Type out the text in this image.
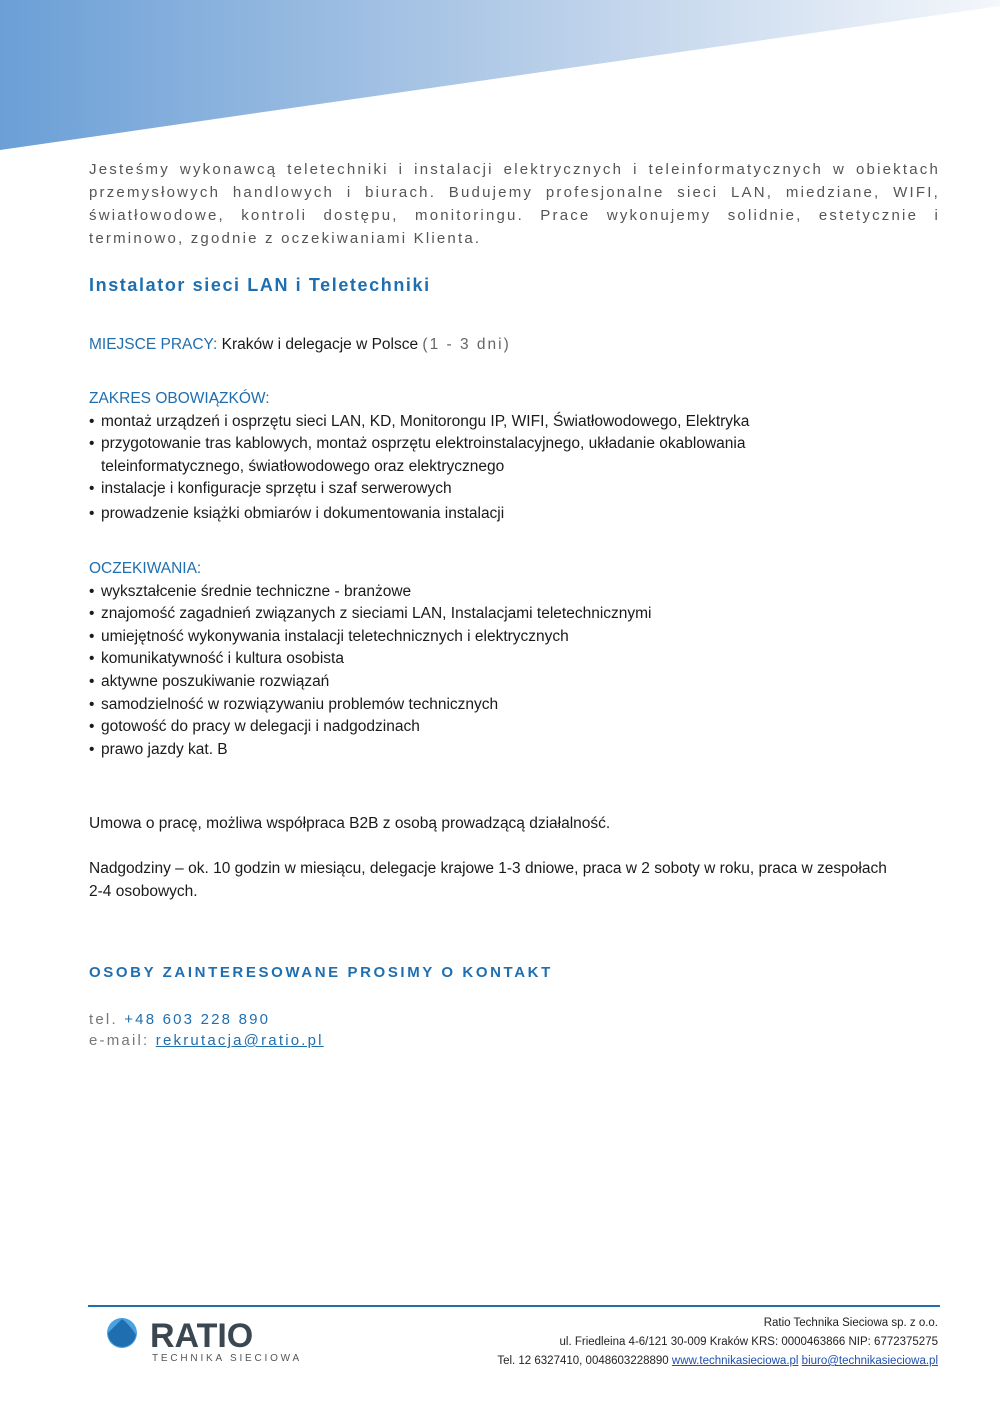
Jesteśmy wykonawcą teletechniki i instalacji elektrycznych i teleinformatycznych w obiektach przemysłowych handlowych i biurach. Budujemy profesjonalne sieci LAN, miedziane, WIFI, światłowodowe, kontroli dostępu, monitoringu. Prace wykonujemy solidnie, estetycznie i terminowo, zgodnie z oczekiwaniami Klienta.

Instalator sieci LAN i Teletechniki
MIEJSCE PRACY: Kraków i delegacje w Polsce (1 - 3 dni)
ZAKRES OBOWIĄZKÓW:
• montaż urządzeń i osprzętu sieci LAN, KD, Monitorongu IP, WIFI, Światłowodowego, Elektryka
• przygotowanie tras kablowych, montaż osprzętu elektroinstalacyjnego, układanie okablowania teleinformatycznego, światłowodowego oraz elektrycznego
• instalacje i konfiguracje sprzętu i szaf serwerowych
• prowadzenie książki obmiarów i dokumentowania instalacji
OCZEKIWANIA:
• wykształcenie średnie techniczne - branżowe
• znajomość zagadnień związanych z sieciami LAN, Instalacjami teletechnicznymi
• umiejętność wykonywania instalacji teletechnicznych i elektrycznych
• komunikatywność i kultura osobista
• aktywne poszukiwanie rozwiązań
• samodzielność w rozwiązywaniu problemów technicznych
• gotowość do pracy w delegacji i nadgodzinach
• prawo jazdy kat. B

Umowa o pracę, możliwa współpraca B2B z osobą prowadzącą działalność.

Nadgodziny – ok. 10 godzin w miesiącu, delegacje krajowe 1-3 dniowe, praca w 2 soboty w roku, praca w zespołach 2-4 osobowych.

OSOBY ZAINTERESOWANE PROSIMY O KONTAKT
tel. +48 603 228 890
e-mail: rekrutacja@ratio.pl
RATIO
TECHNIKA SIECIOWA
Ratio Technika Sieciowa sp. z o.o.
ul. Friedleina 4-6/121 30-009 Kraków KRS: 0000463866 NIP: 6772375275
Tel. 12 6327410, 0048603228890 www.technikasieciowa.pl biuro@technikasieciowa.pl
